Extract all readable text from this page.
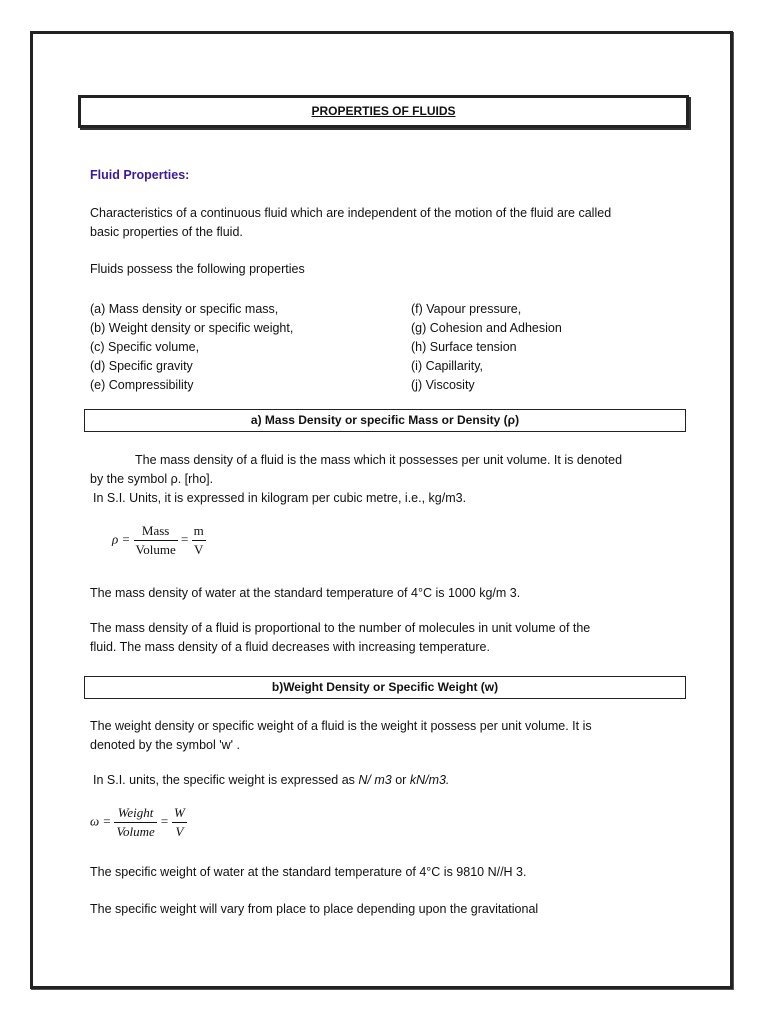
PROPERTIES OF FLUIDS
Fluid Properties:
Characteristics of a continuous fluid which are independent of the motion of the fluid are called
basic properties of the fluid.
Fluids possess the following properties
(a) Mass density or specific mass,
(b) Weight density or specific weight,
(c) Specific volume,
(d) Specific gravity
(e) Compressibility
(f) Vapour pressure,
(g) Cohesion and Adhesion
(h) Surface tension
(i) Capillarity,
(j) Viscosity
a) Mass Density or specific Mass or Density (ρ)
The mass density of a fluid is the mass which it possesses per unit volume. It is denoted
by the symbol ρ. [rho].
In S.I. Units, it is expressed in kilogram per cubic metre, i.e., kg/m3.
$\rho = \frac{\text{Mass}}{\text{Volume}} = \frac{m}{V}$
The mass density of water at the standard temperature of 4°C is 1000 kg/m 3.
The mass density of a fluid is proportional to the number of molecules in unit volume of the
fluid. The mass density of a fluid decreases with increasing temperature.
b)Weight Density or Specific Weight (w)
The weight density or specific weight of a fluid is the weight it possess per unit volume. It is
denoted by the symbol 'w' .
In S.I. units, the specific weight is expressed as N/ m3 or kN/m3.
$\omega = \frac{\text{Weight}}{\text{Volume}} = \frac{W}{V}$
The specific weight of water at the standard temperature of 4°C is 9810 N//H 3.
The specific weight will vary from place to place depending upon the gravitational
